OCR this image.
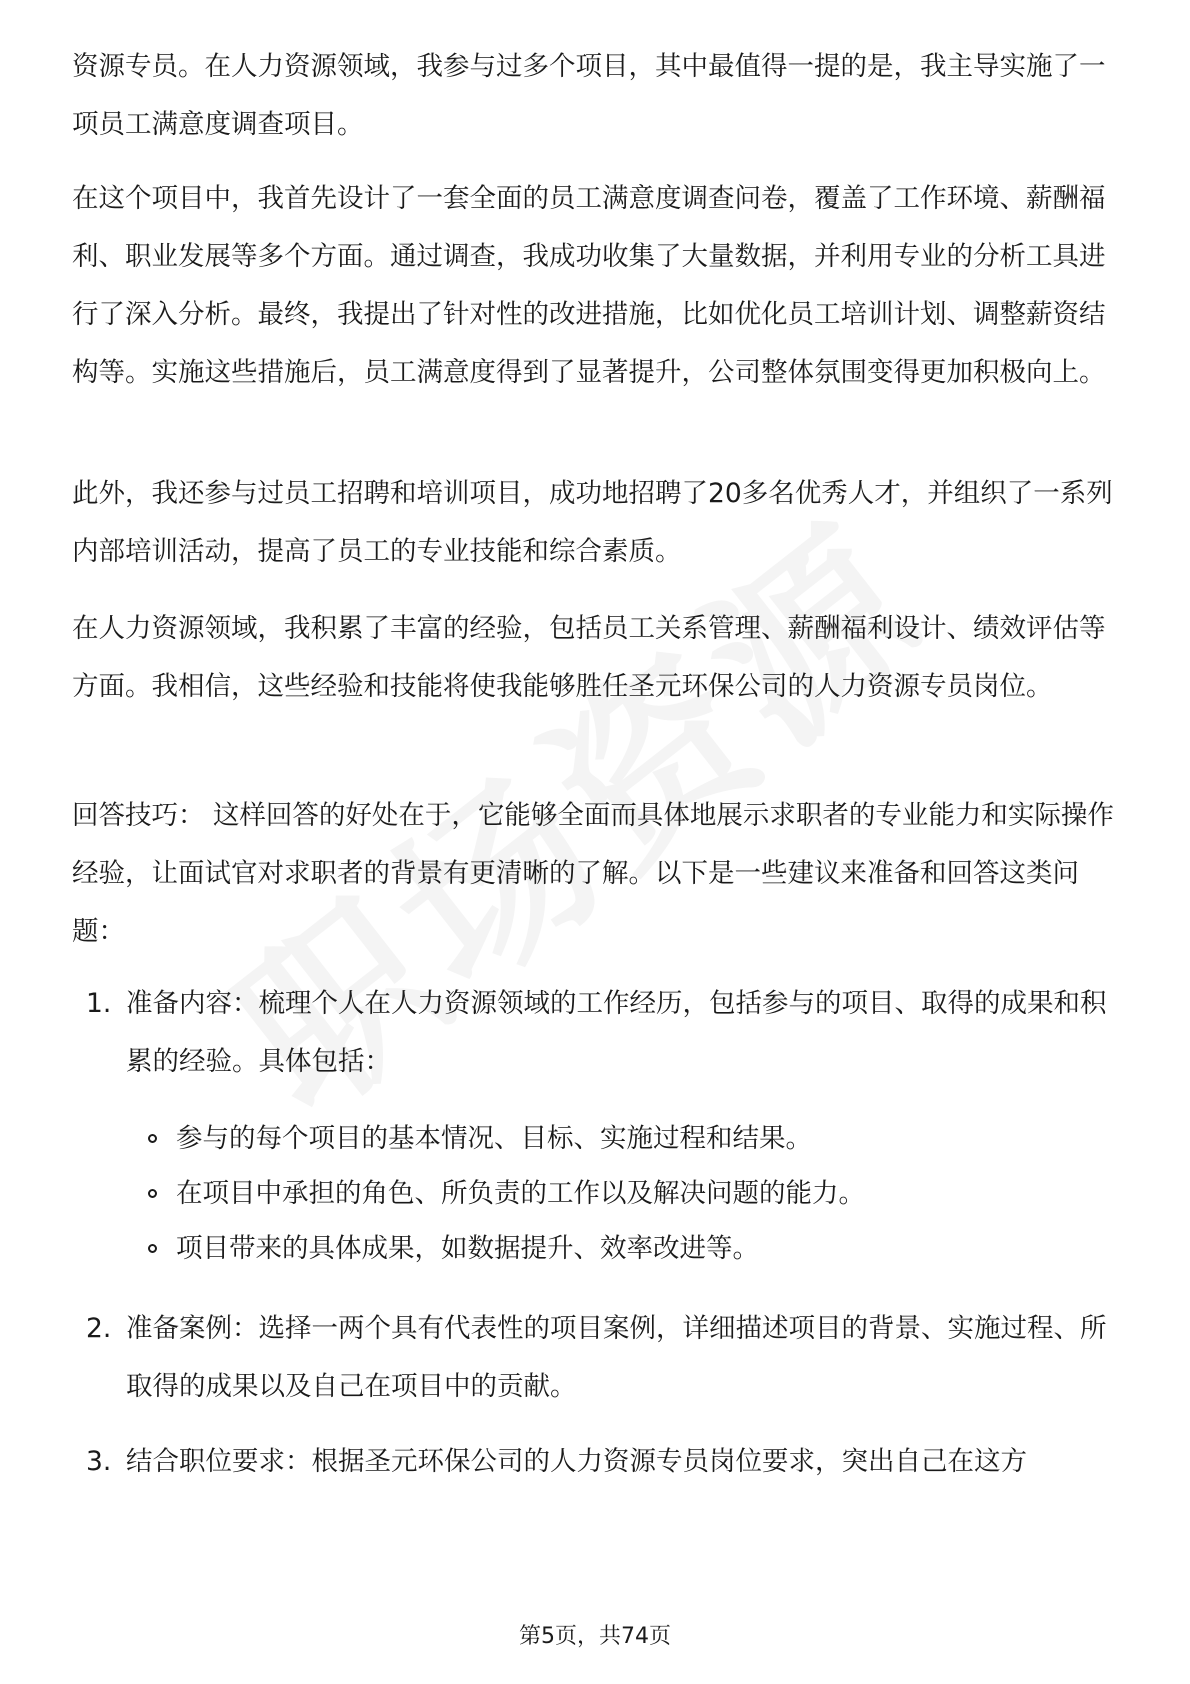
资源专员。在人力资源领域，我参与过多个项目，其中最值得一提的是，我主导实施了一项员工满意度调查项目。

在这个项目中，我首先设计了一套全面的员工满意度调查问卷，覆盖了工作环境、薪酬福利、职业发展等多个方面。通过调查，我成功收集了大量数据，并利用专业的分析工具进行了深入分析。最终，我提出了针对性的改进措施，比如优化员工培训计划、调整薪资结构等。实施这些措施后，员工满意度得到了显著提升，公司整体氛围变得更加积极向上。

此外，我还参与过员工招聘和培训项目，成功地招聘了20多名优秀人才，并组织了一系列内部培训活动，提高了员工的专业技能和综合素质。

在人力资源领域，我积累了丰富的经验，包括员工关系管理、薪酬福利设计、绩效评估等方面。我相信，这些经验和技能将使我能够胜任圣元环保公司的人力资源专员岗位。

回答技巧： 这样回答的好处在于，它能够全面而具体地展示求职者的专业能力和实际操作经验，让面试官对求职者的背景有更清晰的了解。以下是一些建议来准备和回答这类问题：

1. 准备内容：梳理个人在人力资源领域的工作经历，包括参与的项目、取得的成果和积累的经验。具体包括：
参与的每个项目的基本情况、目标、实施过程和结果。
在项目中承担的角色、所负责的工作以及解决问题的能力。
项目带来的具体成果，如数据提升、效率改进等。
2. 准备案例：选择一两个具有代表性的项目案例，详细描述项目的背景、实施过程、所取得的成果以及自己在项目中的贡献。
3. 结合职位要求：根据圣元环保公司的人力资源专员岗位要求，突出自己在这方
第5页，共74页
